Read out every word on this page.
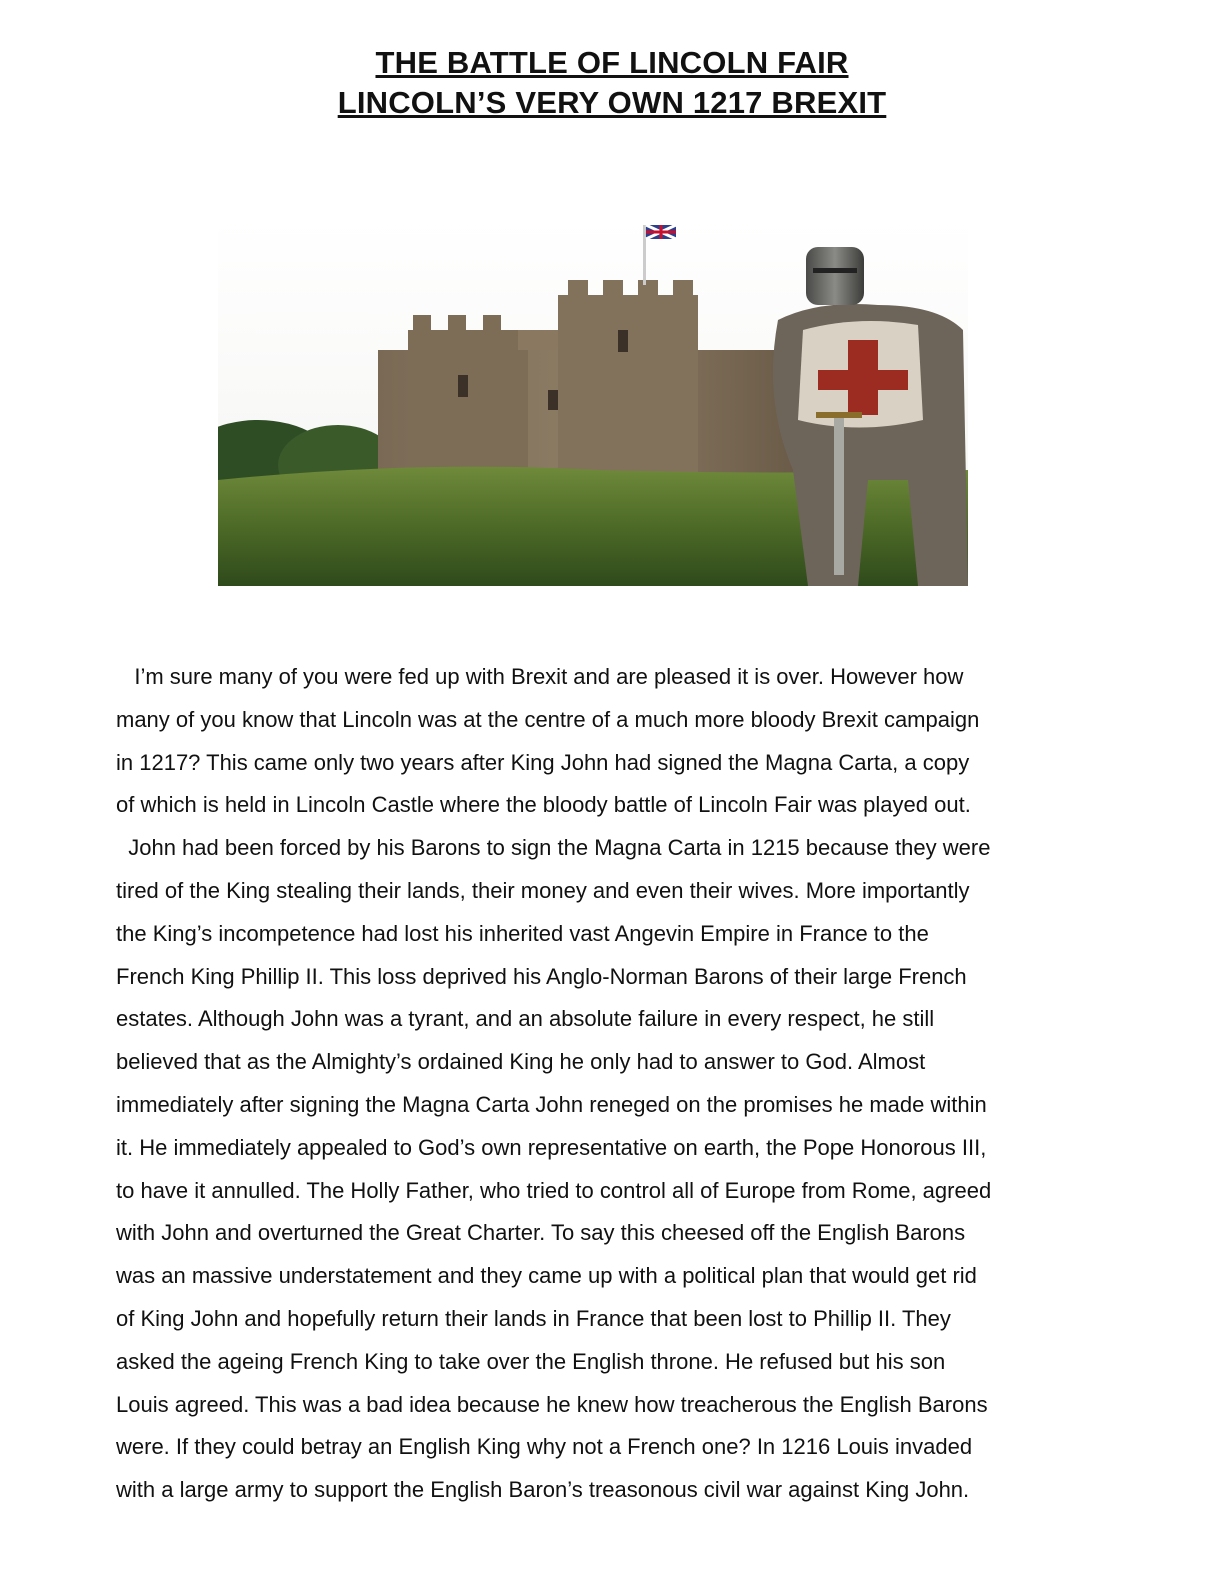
THE BATTLE OF LINCOLN FAIR
LINCOLN’S VERY OWN 1217 BREXIT
I’m sure many of you were fed up with Brexit and are pleased it is over. However how
many of you know that Lincoln was at the centre of a much more bloody Brexit campaign
in 1217? This came only two years after King John had signed the Magna Carta, a copy
of which is held in Lincoln Castle where the bloody battle of Lincoln Fair was played out.
John had been forced by his Barons to sign the Magna Carta in 1215 because they were
tired of the King stealing their lands, their money and even their wives. More importantly
the King’s incompetence had lost his inherited vast Angevin Empire in France to the
French King Phillip II. This loss deprived his Anglo-Norman Barons of their large French
estates. Although John was a tyrant, and an absolute failure in every respect, he still
believed that as the Almighty’s ordained King he only had to answer to God. Almost
immediately after signing the Magna Carta John reneged on the promises he made within
it. He immediately appealed to God’s own representative on earth, the Pope Honorous III,
to have it annulled. The Holly Father, who tried to control all of Europe from Rome, agreed
with John and overturned the Great Charter. To say this cheesed off the English Barons
was an massive understatement and they came up with a political plan that would get rid
of King John and hopefully return their lands in France that been lost to Phillip II. They
asked the ageing French King to take over the English throne. He refused but his son
Louis agreed. This was a bad idea because he knew how treacherous the English Barons
were. If they could betray an English King why not a French one? In 1216 Louis invaded
with a large army to support the English Baron’s treasonous civil war against King John.
